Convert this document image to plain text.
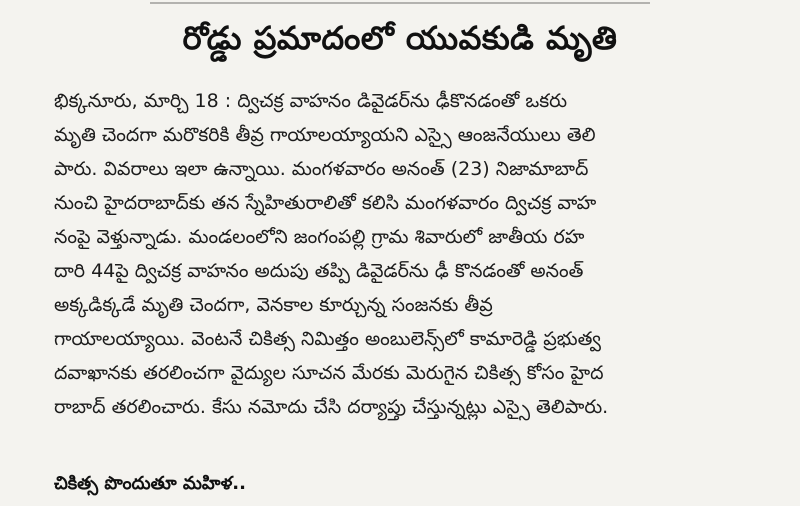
రోడ్డు ప్రమాదంలో యువకుడి మృతి
భిక్కనూరు, మార్చి 18 : ద్విచక్ర వాహనం డివైడర్‌ను ఢీకొనడంతో ఒకరు
మృతి చెందగా మరొకరికి తీవ్ర గాయాలయ్యాయని ఎస్సై ఆంజనేయులు తెలి
పారు. వివరాలు ఇలా ఉన్నాయి. మంగళవారం అనంత్ (23) నిజామాబాద్
నుంచి హైదరాబాద్‌కు తన స్నేహితురాలితో కలిసి మంగళవారం ద్విచక్ర వాహ
నంపై వెళ్తున్నాడు. మండలంలోని జంగంపల్లి గ్రామ శివారులో జాతీయ రహ
దారి 44పై ద్విచక్ర వాహనం అదుపు తప్పి డివైడర్‌ను ఢీ కొనడంతో అనంత్
అక్కడిక్కడే మృతి చెందగా, వెనకాల కూర్చున్న సంజనకు తీవ్ర
గాయాలయ్యాయి. వెంటనే చికిత్స నిమిత్తం అంబులెన్స్‌లో కామారెడ్డి ప్రభుత్వ
దవాఖానకు తరలించగా వైద్యుల సూచన మేరకు మెరుగైన చికిత్స కోసం హైద
రాబాద్ తరలించారు. కేసు నమోదు చేసి దర్యాప్తు చేస్తున్నట్లు ఎస్సై తెలిపారు.
చికిత్స పొందుతూ మహిళ..
